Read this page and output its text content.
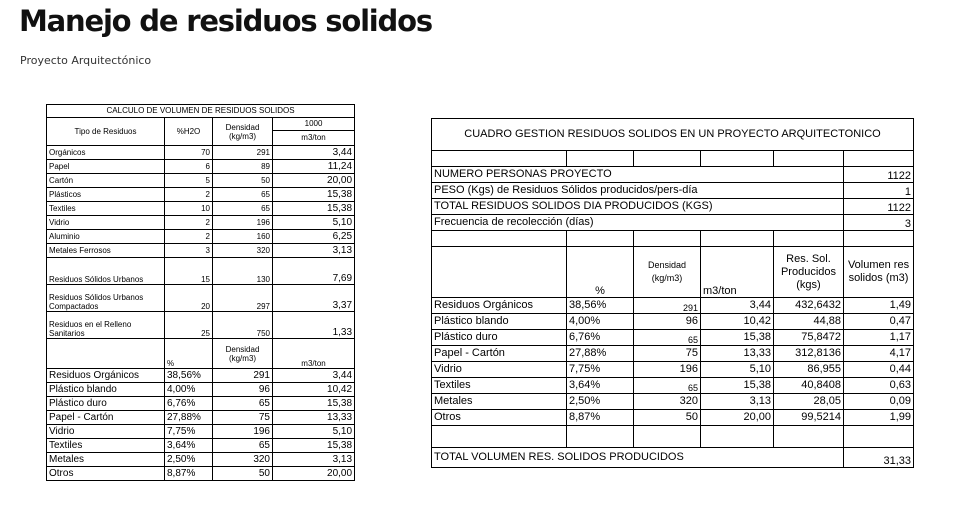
Manejo de residuos solidos
Proyecto Arquitectónico
CALCULO DE VOLUMEN DE RESIDUOS SOLIDOS			
Tipo de Residuos	%H2O	Densidad (kg/m3)	1000
			m3/ton
Orgánicos	70	291	3,44
Papel	6	89	11,24
Cartón	5	50	20,00
Plásticos	2	65	15,38
Textiles	10	65	15,38
Vidrio	2	196	5,10
Aluminio	2	160	6,25
Metales Ferrosos	3	320	3,13
Residuos Sólidos Urbanos	15	130	7,69
Residuos Sólidos Urbanos Compactados	20	297	3,37
Residuos en el Relleno Sanitarios	25	750	1,33
	%	Densidad (kg/m3)	m3/ton
Residuos Orgánicos	38,56%	291	3,44
Plástico blando	4,00%	96	10,42
Plástico duro	6,76%	65	15,38
Papel - Cartón	27,88%	75	13,33
Vidrio	7,75%	196	5,10
Textiles	3,64%	65	15,38
Metales	2,50%	320	3,13
Otros	8,87%	50	20,00
CUADRO GESTION RESIDUOS SOLIDOS EN UN PROYECTO ARQUITECTONICO					

NUMERO PERSONAS PROYECTO					1122
PESO (Kgs) de Residuos Sólidos producidos/pers-día					1
TOTAL RESIDUOS SOLIDOS DIA PRODUCIDOS (KGS)					1122
Frecuencia de recolección (días)					3

	%	Densidad (kg/m3)	m3/ton	Res. Sol. Producidos (kgs)	Volumen res solidos (m3)
Residuos Orgánicos	38,56%	291	3,44	432,6432	1,49
Plástico blando	4,00%	96	10,42	44,88	0,47
Plástico duro	6,76%	65	15,38	75,8472	1,17
Papel - Cartón	27,88%	75	13,33	312,8136	4,17
Vidrio	7,75%	196	5,10	86,955	0,44
Textiles	3,64%	65	15,38	40,8408	0,63
Metales	2,50%	320	3,13	28,05	0,09
Otros	8,87%	50	20,00	99,5214	1,99

TOTAL VOLUMEN RES. SOLIDOS PRODUCIDOS					31,33
